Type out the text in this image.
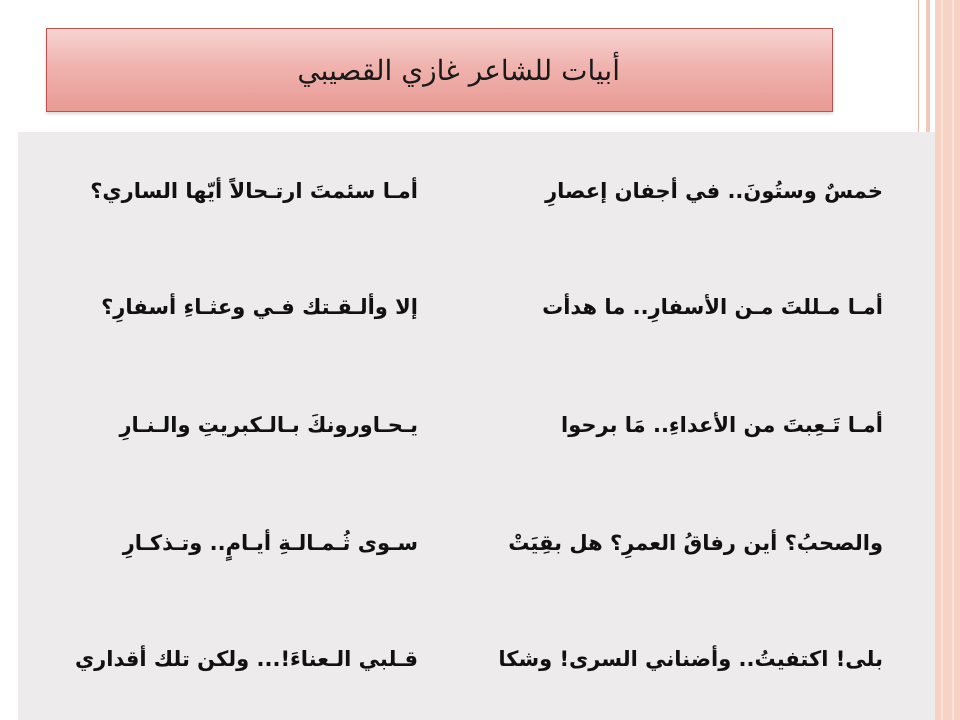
أبيات للشاعر غازي القصيبي
خمسٌ وستُونَ.. في أجفان إعصارِ
أمـا سئمتَ ارتـحالاً أيّها الساري؟
أمـا مـللتَ مـن الأسفارِ.. ما هدأت
إلا وألـقـتك فـي وعثـاءِ أسفارِ؟
أمـا تَـعِبتَ من الأعداءِ.. مَا برحوا
يـحـاورونكَ بـالـكبريتِ والـنـارِ
والصحبُ؟ أين رفاقُ العمرِ؟ هل بقِيَتْ
سـوى ثُـمـالـةِ أيـامٍ.. وتـذكـارِ
بلى! اكتفيتُ.. وأضناني السرى! وشكا
قـلبي الـعناءَ!... ولكن تلك أقداري
